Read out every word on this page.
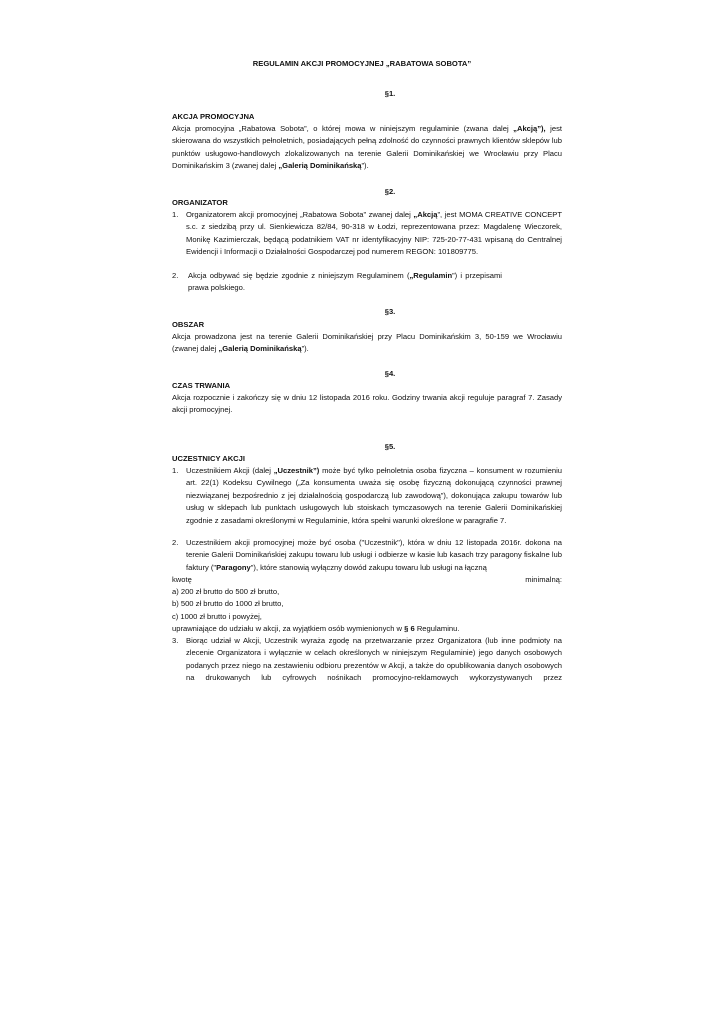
REGULAMIN AKCJI PROMOCYJNEJ „RABATOWA SOBOTA”
§1.
AKCJA PROMOCYJNA
Akcja promocyjna „Rabatowa Sobota”, o której mowa w niniejszym regulaminie (zwana dalej „Akcją”), jest skierowana do wszystkich pełnoletnich, posiadających pełną zdolność do czynności prawnych klientów sklepów lub punktów usługowo-handlowych zlokalizowanych na terenie Galerii Dominikańskiej we Wrocławiu przy Placu Dominikańskim 3 (zwanej dalej „Galerią Dominikańską”).
§2.
ORGANIZATOR
1. Organizatorem akcji promocyjnej „Rabatowa Sobota” zwanej dalej „Akcją”, jest MOMA CREATIVE CONCEPT s.c. z siedzibą przy ul. Sienkiewicza 82/84, 90-318 w Łodzi, reprezentowana przez: Magdalenę Wieczorek, Monikę Kazimierczak, będącą podatnikiem VAT nr identyfikacyjny NIP: 725-20-77-431 wpisaną do Centralnej Ewidencji i Informacji o Działalności Gospodarczej pod numerem REGON: 101809775.
2. Akcja odbywać się będzie zgodnie z niniejszym Regulaminem („Regulamin”) i przepisami prawa polskiego.
§3.
OBSZAR
Akcja prowadzona jest na terenie Galerii Dominikańskiej przy Placu Dominikańskim 3, 50-159 we Wrocławiu (zwanej dalej „Galerią Dominikańską”).
§4.
CZAS TRWANIA
Akcja rozpocznie i zakończy się w dniu 12 listopada 2016 roku. Godziny trwania akcji reguluje paragraf 7. Zasady akcji promocyjnej.
§5.
UCZESTNICY AKCJI
1. Uczestnikiem Akcji (dalej „Uczestnik”) może być tylko pełnoletnia osoba fizyczna – konsument w rozumieniu art. 22(1) Kodeksu Cywilnego („Za konsumenta uważa się osobę fizyczną dokonującą czynności prawnej niezwiązanej bezpośrednio z jej działalnością gospodarczą lub zawodową”), dokonująca zakupu towarów lub usług w sklepach lub punktach usługowych lub stoiskach tymczasowych na terenie Galerii Dominikańskiej zgodnie z zasadami określonymi w Regulaminie, która spełni warunki określone w paragrafie 7.
2. Uczestnikiem akcji promocyjnej może być osoba ("Uczestnik"), która w dniu 12 listopada 2016r. dokona na terenie Galerii Dominikańskiej zakupu towaru lub usługi i odbierze w kasie lub kasach trzy paragony fiskalne lub faktury ("Paragony"), które stanowią wyłączny dowód zakupu towaru lub usługi na łączną
kwotę	minimalną:
a) 200 zł brutto do 500 zł brutto,
b) 500 zł brutto do 1000 zł brutto,
c) 1000 zł brutto i powyżej,
uprawniające do udziału w akcji, za wyjątkiem osób wymienionych w § 6 Regulaminu.
3. Biorąc udział w Akcji, Uczestnik wyraża zgodę na przetwarzanie przez Organizatora (lub inne podmioty na zlecenie Organizatora i wyłącznie w celach określonych w niniejszym Regulaminie) jego danych osobowych podanych przez niego na zestawieniu odbioru prezentów w Akcji, a także do opublikowania danych osobowych na drukowanych lub cyfrowych nośnikach promocyjno-reklamowych wykorzystywanych przez
